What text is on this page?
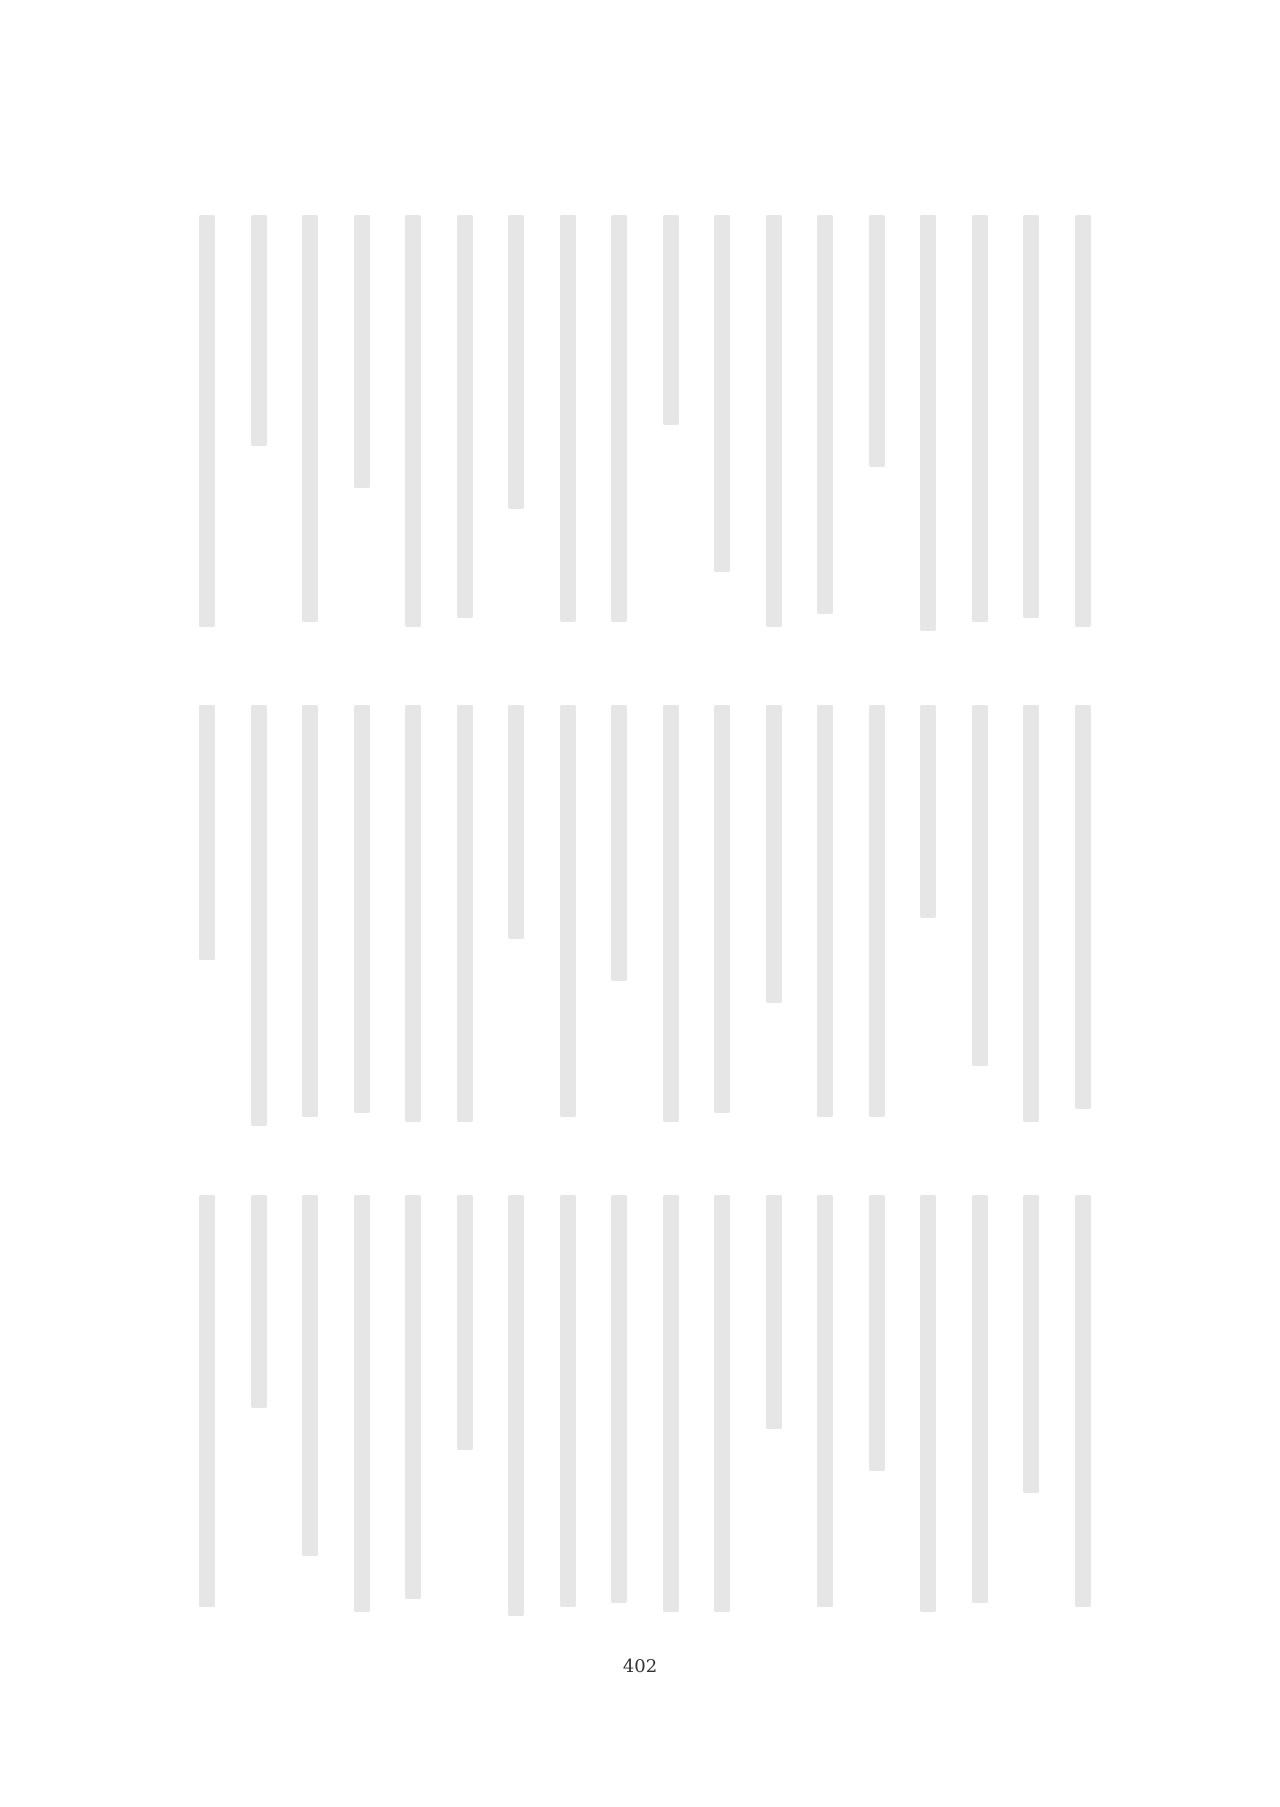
402
